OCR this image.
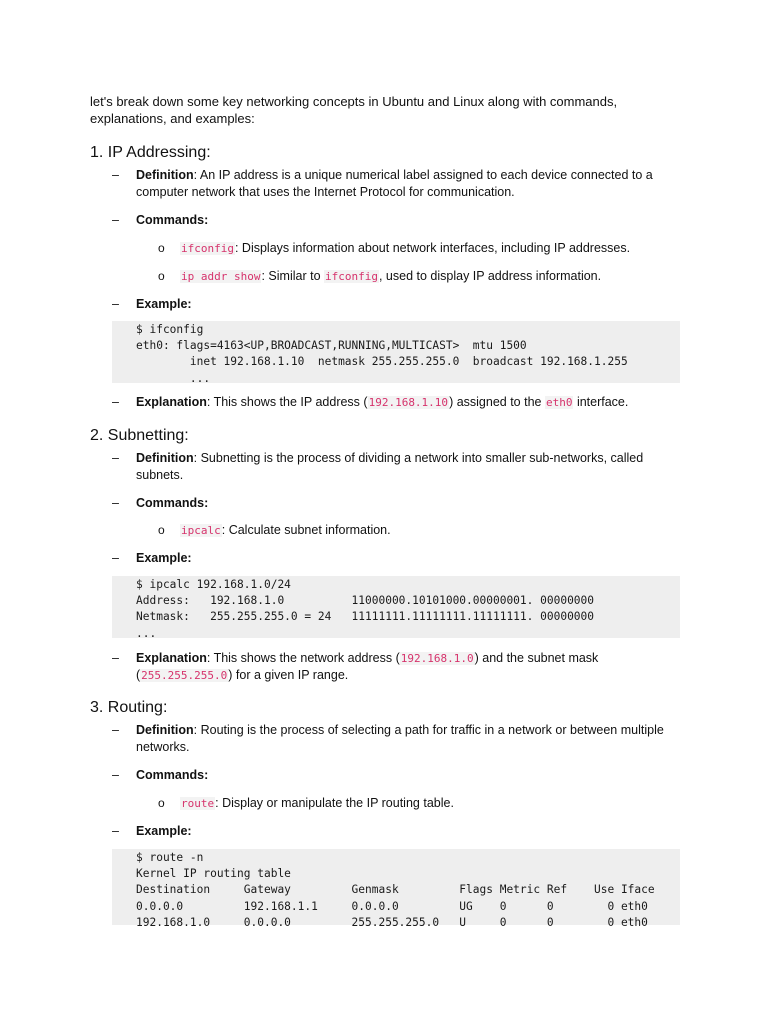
let's break down some key networking concepts in Ubuntu and Linux along with commands, explanations, and examples:
1. IP Addressing:
– Definition: An IP address is a unique numerical label assigned to each device connected to a computer network that uses the Internet Protocol for communication.
– Commands:
o ifconfig: Displays information about network interfaces, including IP addresses.
o ip addr show: Similar to ifconfig, used to display IP address information.
– Example:
$ ifconfig
eth0: flags=4163<UP,BROADCAST,RUNNING,MULTICAST>  mtu 1500
inet 192.168.1.10  netmask 255.255.255.0  broadcast 192.168.1.255
...
– Explanation: This shows the IP address (192.168.1.10) assigned to the eth0 interface.
2. Subnetting:
– Definition: Subnetting is the process of dividing a network into smaller sub-networks, called subnets.
– Commands:
o ipcalc: Calculate subnet information.
– Example:
$ ipcalc 192.168.1.0/24
Address:   192.168.1.0          11000000.10101000.00000001. 00000000
Netmask:   255.255.255.0 = 24   11111111.11111111.11111111. 00000000
...
– Explanation: This shows the network address (192.168.1.0) and the subnet mask (255.255.255.0) for a given IP range.
3. Routing:
– Definition: Routing is the process of selecting a path for traffic in a network or between multiple networks.
– Commands:
o route: Display or manipulate the IP routing table.
– Example:
$ route -n
Kernel IP routing table
Destination     Gateway         Genmask         Flags Metric Ref    Use Iface
0.0.0.0         192.168.1.1     0.0.0.0         UG    0      0        0 eth0
192.168.1.0     0.0.0.0         255.255.255.0   U     0      0        0 eth0
